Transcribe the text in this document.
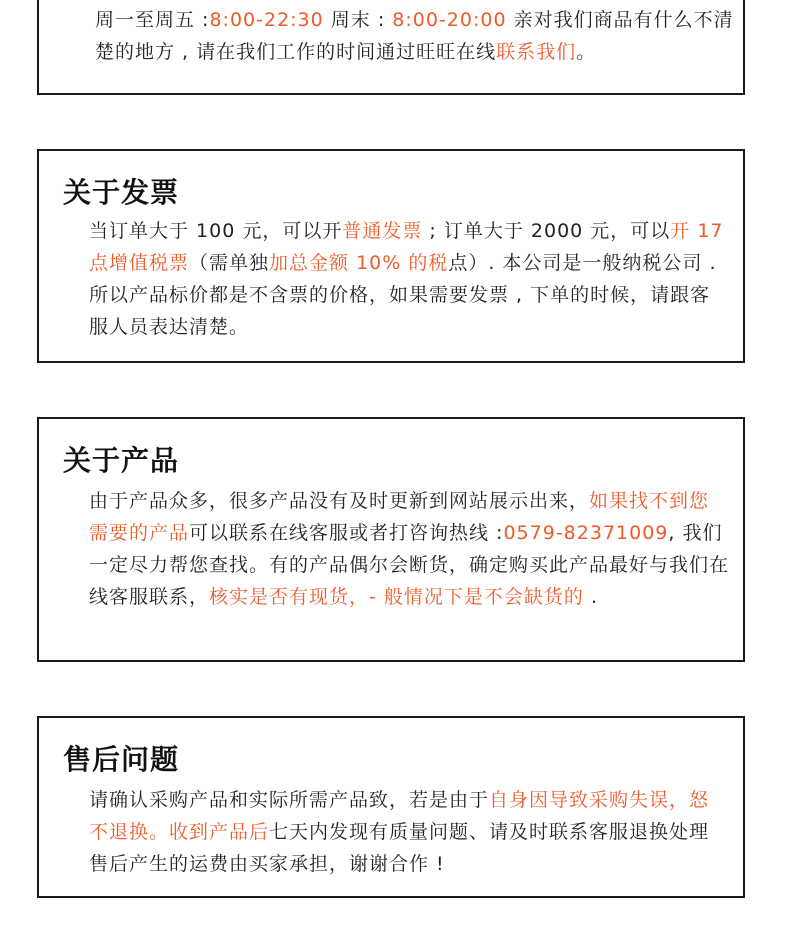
周一至周五 :8:00-22:30 周末 : 8:00-20:00 亲对我们商品有什么不清楚的地方 , 请在我们工作的时间通过旺旺在线联系我们。
关于发票
当订单大于 100 元，可以开普通发票 ; 订单大于 2000 元，可以开 17 点增值税票（需单独加总金额 10% 的税点）. 本公司是一般纳税公司 . 所以产品标价都是不含票的价格，如果需要发票 , 下单的时候，请跟客服人员表达清楚。
关于产品
由于产品众多，很多产品没有及时更新到网站展示出来，如果找不到您需要的产品可以联系在线客服或者打咨询热线 :0579-82371009, 我们一定尽力帮您查找。有的产品偶尔会断货，确定购买此产品最好与我们在线客服联系，核实是否有现货，- 般情况下是不会缺货的 .
售后问题
请确认采购产品和实际所需产品致，若是由于自身因导致采购失误，怒不退换。收到产品后七天内发现有质量问题、请及时联系客服退换处理售后产生的运费由买家承担，谢谢合作 !
